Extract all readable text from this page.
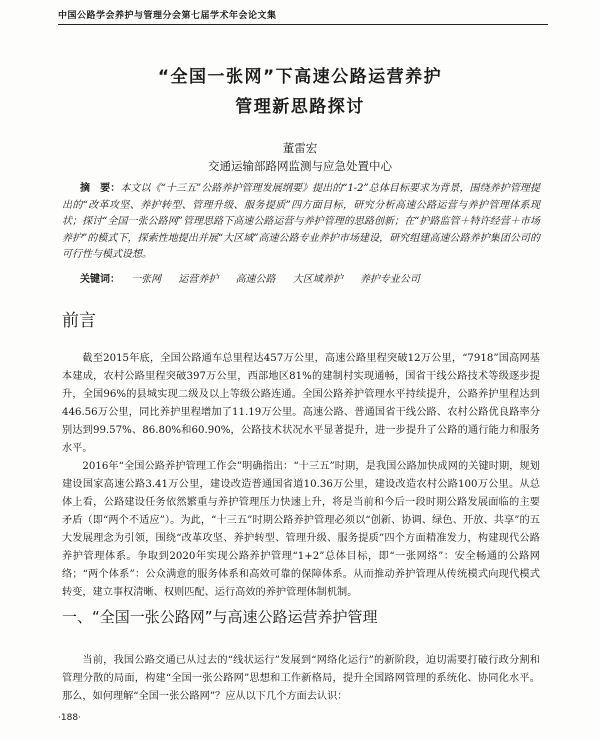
中国公路学会养护与管理分会第七届学术年会论文集
“全国一张网”下高速公路运营养护
管理新思路探讨
董雷宏
交通运输部路网监测与应急处置中心
摘　要：本文以《“十三五”公路养护管理发展纲要》提出的“1-2”总体目标要求为背景，围绕养护管理提出的“改革攻坚、养护转型、管理升级、服务提质”四方面目标，研究分析高速公路运营与养护管理体系现状；探讨“全国一张公路网”管理思路下高速公路运营与养护管理的思路创新；在“护路监管＋特许经营＋市场养护”的模式下，探索性地提出并展“大区域”高速公路专业养护市场建设，研究组建高速公路养护集团公司的可行性与模式设想。
关键词： 一张网 运营养护 高速公路 大区域养护 养护专业公司
前言
截至2015年底，全国公路通车总里程达457万公里，高速公路里程突破12万公里，“7918”国高网基本建成，农村公路里程突破397万公里，西部地区81%的建制村实现通畅，国省干线公路技术等级逐步提升，全国96%的县城实现二级及以上等级公路连通。全国公路养护管理水平持续提升，公路养护里程达到446.56万公里，同比养护里程增加了11.19万公里。高速公路、普通国省干线公路、农村公路优良路率分别达到99.57%、86.80%和60.90%，公路技术状况水平显著提升，进一步提升了公路的通行能力和服务水平。
2016年“全国公路养护管理工作会”明确指出：“十三五”时期，是我国公路加快成网的关键时期，规划建设国家高速公路3.41万公里，建设改造普通国省道10.36万公里，建设改造农村公路100万公里。从总体上看，公路建设任务依然繁重与养护管理压力快速上升，将是当前和今后一段时期公路发展面临的主要矛盾（即“两个不适应”）。为此，“十三五”时期公路养护管理必须以“创新、协调、绿色、开放、共享”的五大发展理念为引领，围绕“改革攻坚、养护转型、管理升级、服务提质”四个方面精准发力，构建现代公路养护管理体系。争取到2020年实现公路养护管理“1+2”总体目标，即“一张网络”：安全畅通的公路网络；“两个体系”：公众满意的服务体系和高效可靠的保障体系。从而推动养护管理从传统模式向现代模式转变，建立事权清晰、权则匹配、运行高效的养护管理体制机制。
一、“全国一张公路网”与高速公路运营养护管理
当前，我国公路交通已从过去的“线状运行”发展到“网络化运行”的新阶段，迫切需要打破行政分割和管理分散的局面，构建“全国一张公路网”思想和工作新格局，提升全国路网管理的系统化、协同化水平。那么，如何理解“全国一张公路网”？应从以下几个方面去认识：
·188·
